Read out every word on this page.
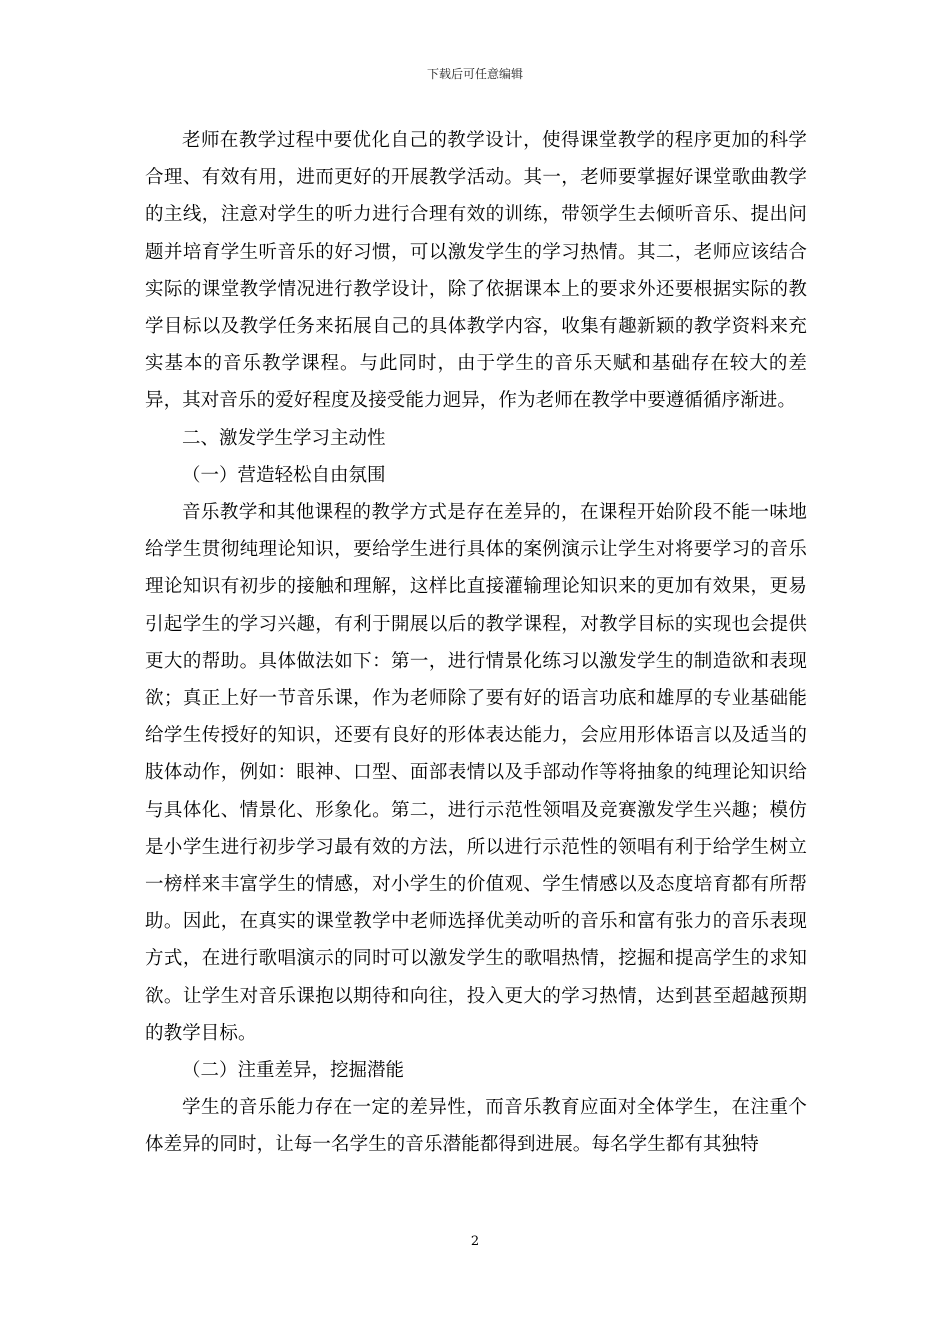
下载后可任意编辑

老师在教学过程中要优化自己的教学设计，使得课堂教学的程序更加的科学合理、有效有用，进而更好的开展教学活动。其一，老师要掌握好课堂歌曲教学的主线，注意对学生的听力进行合理有效的训练，带领学生去倾听音乐、提出问题并培育学生听音乐的好习惯，可以激发学生的学习热情。其二，老师应该结合实际的课堂教学情况进行教学设计，除了依据课本上的要求外还要根据实际的教学目标以及教学任务来拓展自己的具体教学内容，收集有趣新颖的教学资料来充实基本的音乐教学课程。与此同时，由于学生的音乐天赋和基础存在较大的差异，其对音乐的爱好程度及接受能力迥异，作为老师在教学中要遵循循序渐进。

二、激发学生学习主动性

（一）营造轻松自由氛围

音乐教学和其他课程的教学方式是存在差异的，在课程开始阶段不能一味地给学生贯彻纯理论知识，要给学生进行具体的案例演示让学生对将要学习的音乐理论知识有初步的接触和理解，这样比直接灌输理论知识来的更加有效果，更易引起学生的学习兴趣，有利于開展以后的教学课程，对教学目标的实现也会提供更大的帮助。具体做法如下：第一，进行情景化练习以激发学生的制造欲和表现欲；真正上好一节音乐课，作为老师除了要有好的语言功底和雄厚的专业基础能给学生传授好的知识，还要有良好的形体表达能力，会应用形体语言以及适当的肢体动作，例如：眼神、口型、面部表情以及手部动作等将抽象的纯理论知识给与具体化、情景化、形象化。第二，进行示范性领唱及竞赛激发学生兴趣；模仿是小学生进行初步学习最有效的方法，所以进行示范性的领唱有利于给学生树立一榜样来丰富学生的情感，对小学生的价值观、学生情感以及态度培育都有所帮助。因此，在真实的课堂教学中老师选择优美动听的音乐和富有张力的音乐表现方式，在进行歌唱演示的同时可以激发学生的歌唱热情，挖掘和提高学生的求知欲。让学生对音乐课抱以期待和向往，投入更大的学习热情，达到甚至超越预期的教学目标。

（二）注重差异，挖掘潜能

学生的音乐能力存在一定的差异性，而音乐教育应面对全体学生，在注重个体差异的同时，让每一名学生的音乐潜能都得到进展。每名学生都有其独特

2
